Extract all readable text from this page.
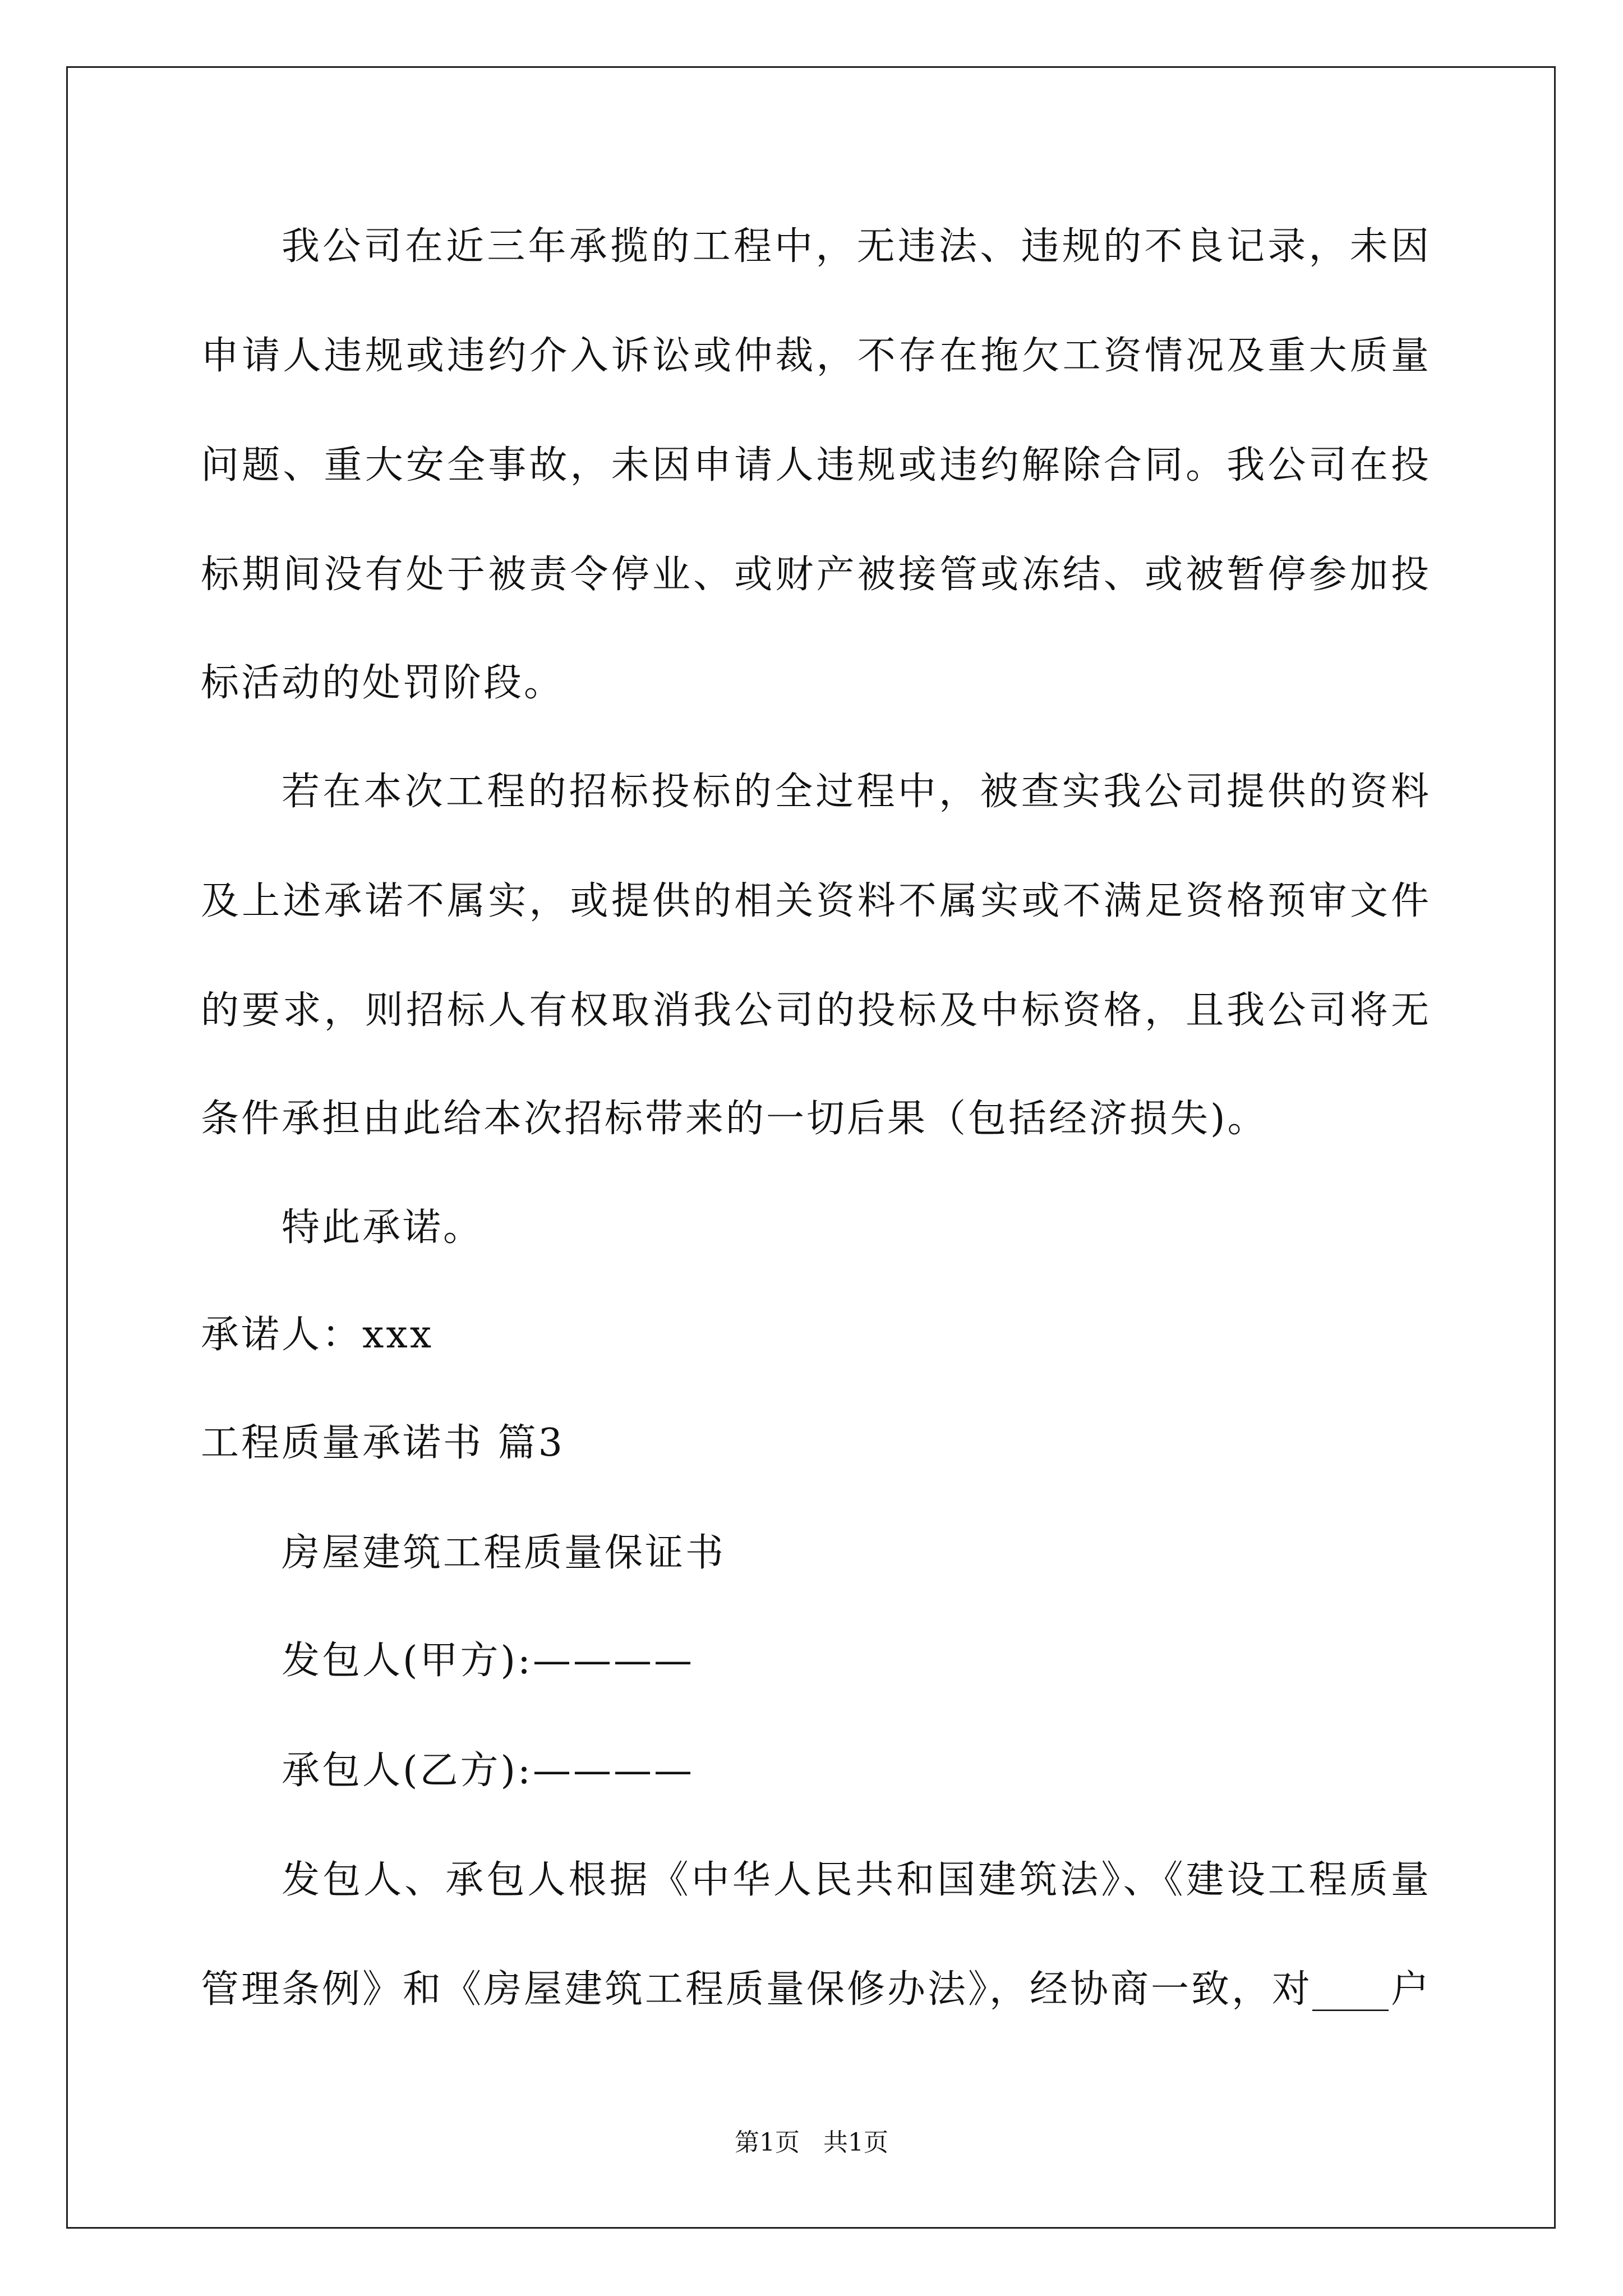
我公司在近三年承揽的工程中，无违法、违规的不良记录，未因
申请人违规或违约介入诉讼或仲裁，不存在拖欠工资情况及重大质量
问题、重大安全事故，未因申请人违规或违约解除合同。我公司在投
标期间没有处于被责令停业、或财产被接管或冻结、或被暂停参加投
标活动的处罚阶段。
若在本次工程的招标投标的全过程中，被查实我公司提供的资料
及上述承诺不属实，或提供的相关资料不属实或不满足资格预审文件
的要求，则招标人有权取消我公司的投标及中标资格，且我公司将无
条件承担由此给本次招标带来的一切后果（包括经济损失)。
特此承诺。
承诺人：xxx
工程质量承诺书 篇3
房屋建筑工程质量保证书
发包人(甲方):————
承包人(乙方):————
发包人、承包人根据《中华人民共和国建筑法》、《建设工程质量
管理条例》和《房屋建筑工程质量保修办法》，经协商一致，对____户
第1页   共1页
